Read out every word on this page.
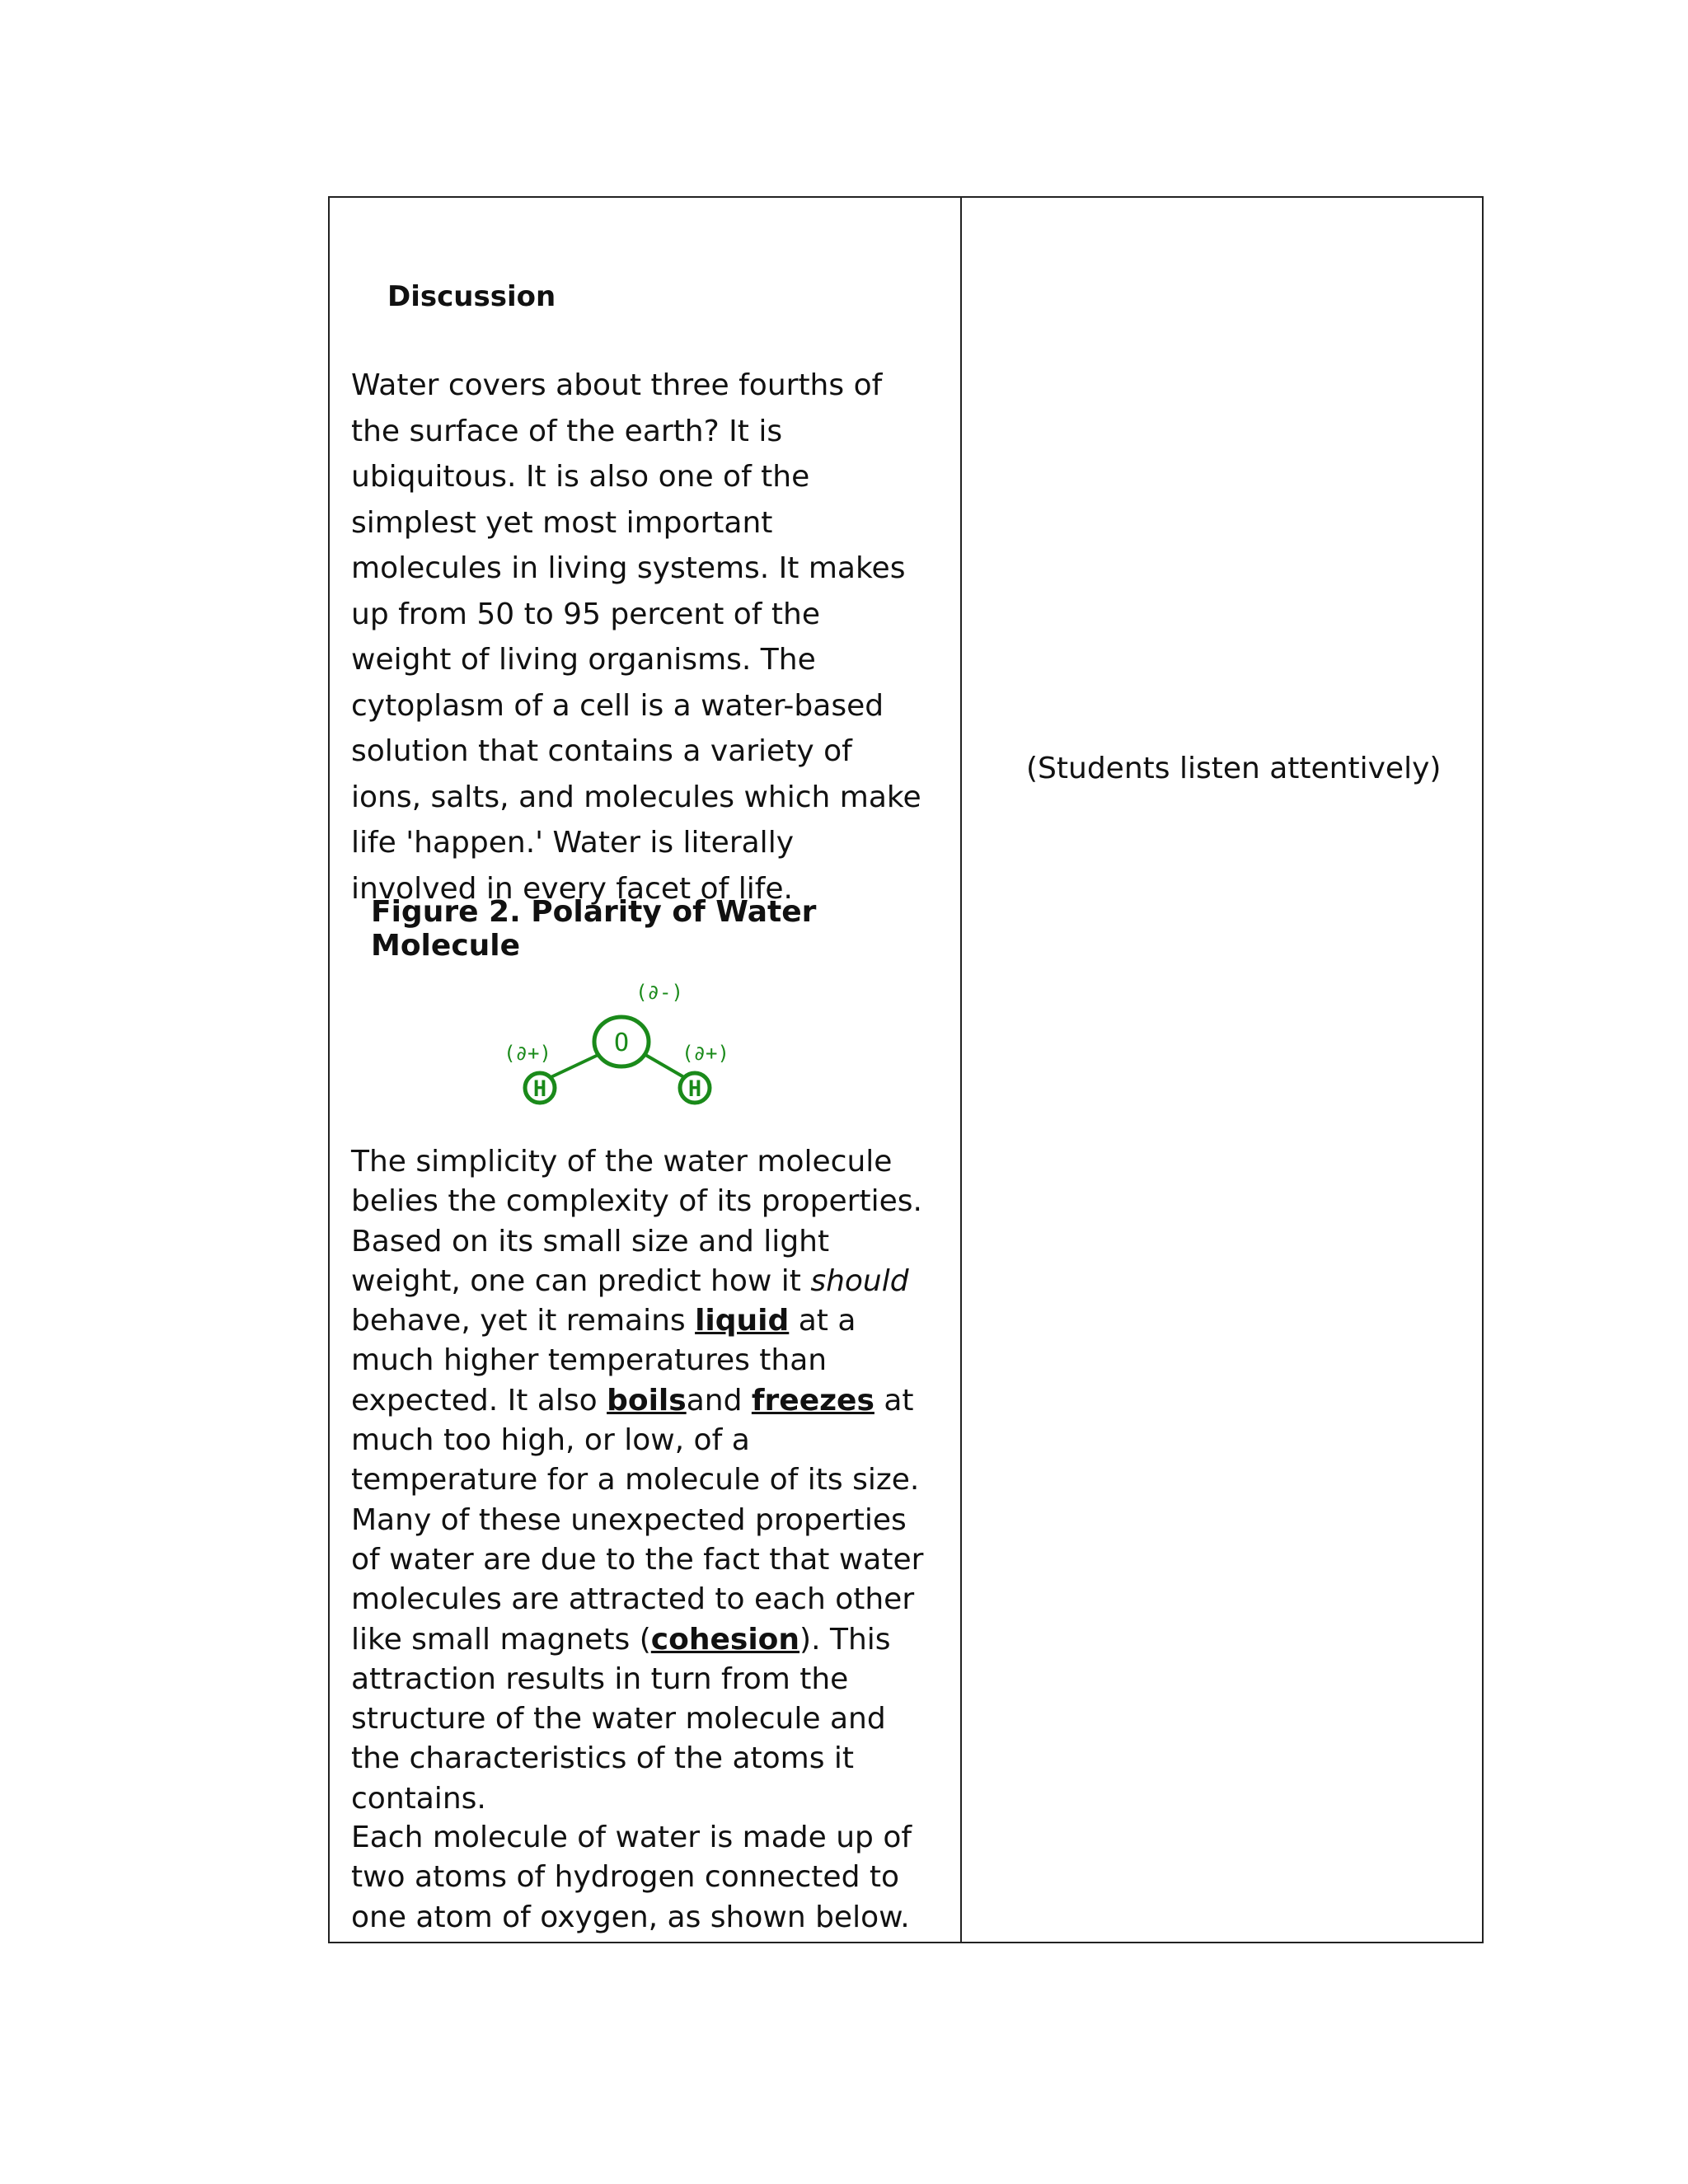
Discussion
Water covers about three fourths of the surface of the earth? It is ubiquitous. It is also one of the simplest yet most important molecules in living systems. It makes up from 50 to 95 percent of the weight of living organisms. The cytoplasm of a cell is a water-based solution that contains a variety of ions, salts, and molecules which make life 'happen.' Water is literally involved in every facet of life.
Figure 2. Polarity of Water Molecule
O
H	H
(∂-)
(∂+)	(∂+)
The simplicity of the water molecule belies the complexity of its properties. Based on its small size and light weight, one can predict how it should behave, yet it remains liquid at a much higher temperatures than expected. It also boilsand freezes at much too high, or low, of a temperature for a molecule of its size. Many of these unexpected properties of water are due to the fact that water molecules are attracted to each other like small magnets (cohesion). This attraction results in turn from the structure of the water molecule and the characteristics of the atoms it contains.
Each molecule of water is made up of two atoms of hydrogen connected to one atom of oxygen, as shown below.
(Students listen attentively)
